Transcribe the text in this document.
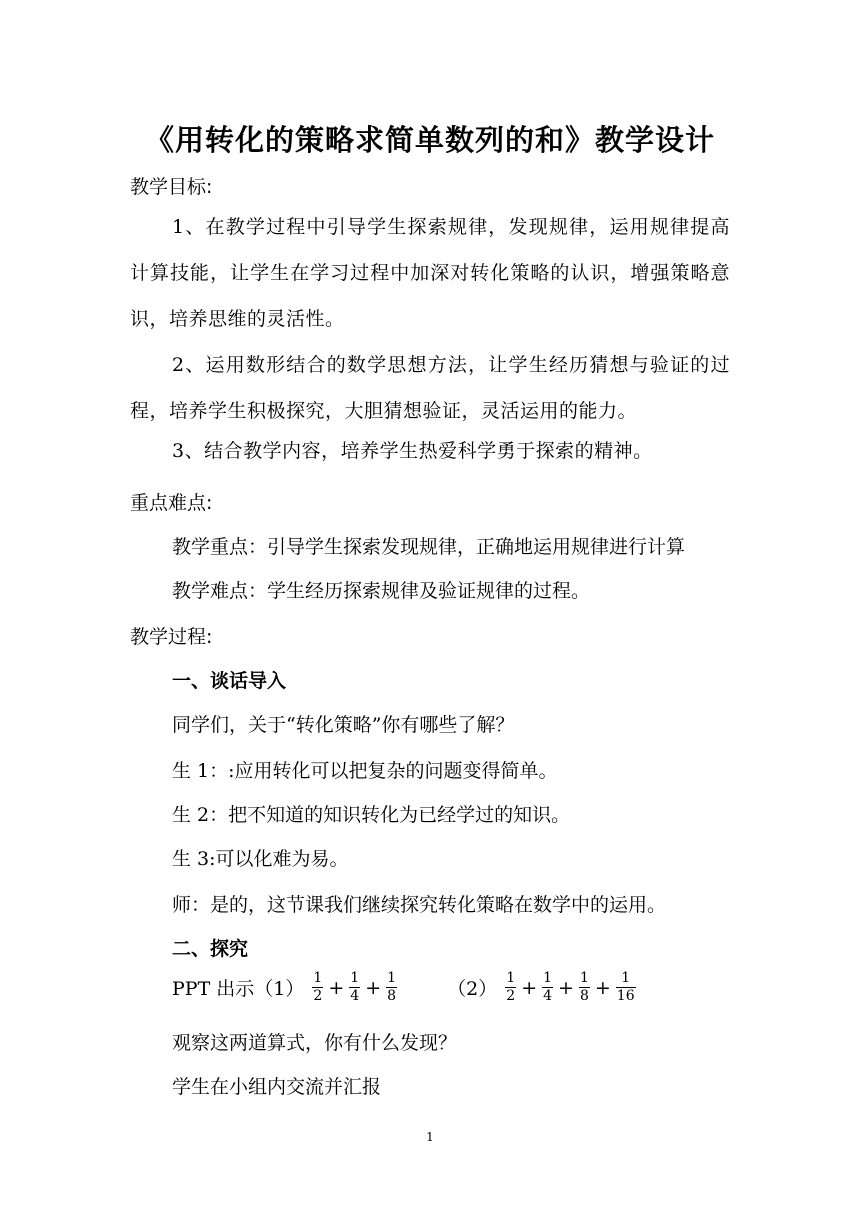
《用转化的策略求简单数列的和》教学设计
教学目标:
1、在教学过程中引导学生探索规律，发现规律，运用规律提高计算技能，让学生在学习过程中加深对转化策略的认识，增强策略意识，培养思维的灵活性。
2、运用数形结合的数学思想方法，让学生经历猜想与验证的过程，培养学生积极探究，大胆猜想验证，灵活运用的能力。
3、结合教学内容，培养学生热爱科学勇于探索的精神。
重点难点:
教学重点：引导学生探索发现规律，正确地运用规律进行计算
教学难点：学生经历探索规律及验证规律的过程。
教学过程:
一、谈话导入
同学们，关于“转化策略”你有哪些了解？
生 1：:应用转化可以把复杂的问题变得简单。
生 2：把不知道的知识转化为已经学过的知识。
生 3:可以化难为易。
师：是的，这节课我们继续探究转化策略在数学中的运用。
二、探究
PPT 出示$(1) \frac{1}{2} + \frac{1}{4} + \frac{1}{8}$	$(2) \frac{1}{2} + \frac{1}{4} + \frac{1}{8} + \frac{1}{16}$
观察这两道算式，你有什么发现？
学生在小组内交流并汇报
1
